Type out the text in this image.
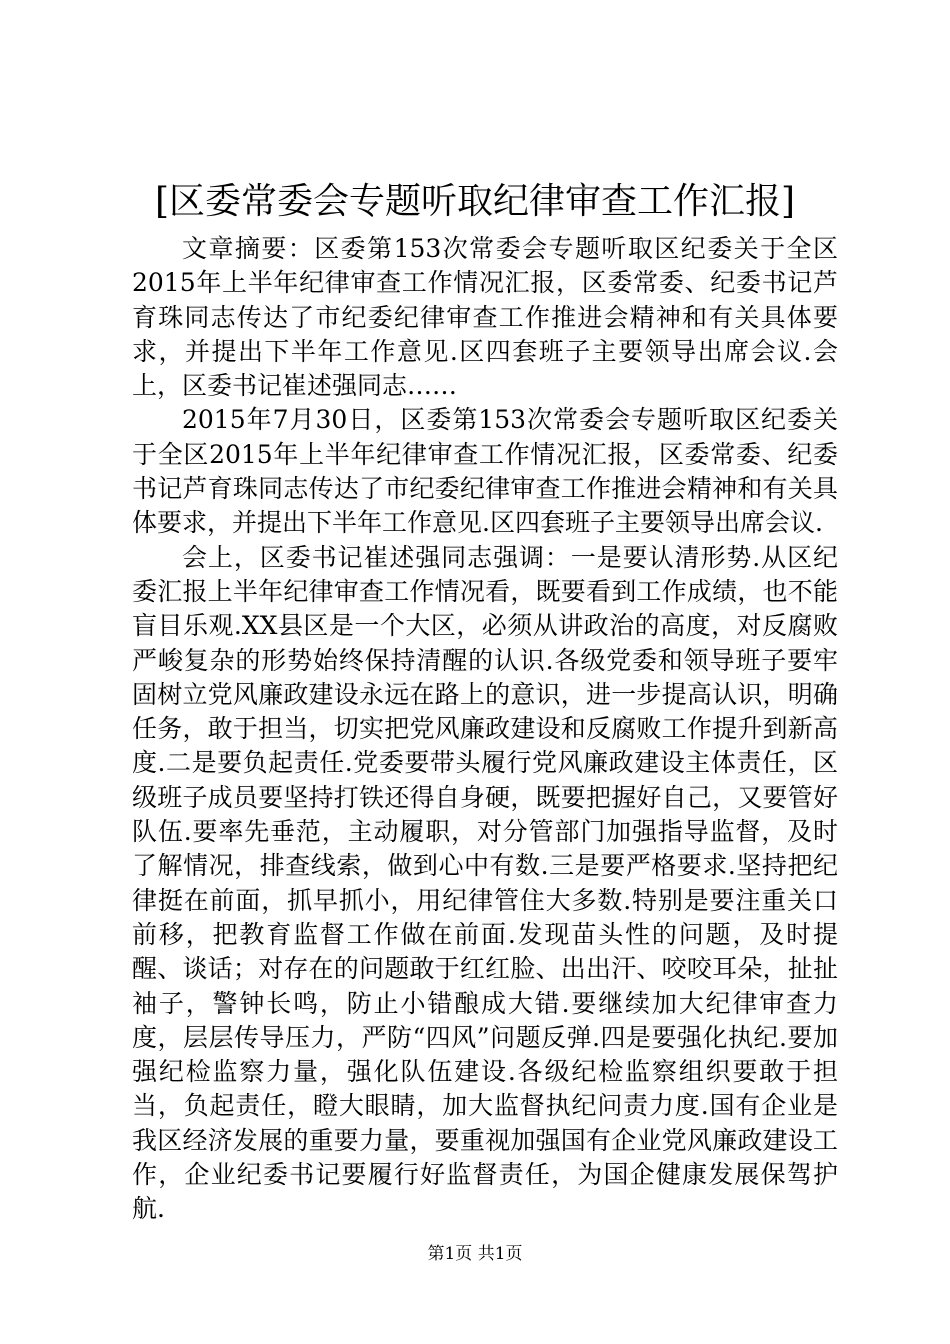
[区委常委会专题听取纪律审查工作汇报]

文章摘要：区委第153次常委会专题听取区纪委关于全区2015年上半年纪律审查工作情况汇报，区委常委、纪委书记芦育珠同志传达了市纪委纪律审查工作推进会精神和有关具体要求，并提出下半年工作意见.区四套班子主要领导出席会议.会上，区委书记崔述强同志……

2015年7月30日，区委第153次常委会专题听取区纪委关于全区2015年上半年纪律审查工作情况汇报，区委常委、纪委书记芦育珠同志传达了市纪委纪律审查工作推进会精神和有关具体要求，并提出下半年工作意见.区四套班子主要领导出席会议.

会上，区委书记崔述强同志强调：一是要认清形势.从区纪委汇报上半年纪律审查工作情况看，既要看到工作成绩，也不能盲目乐观.XX县区是一个大区，必须从讲政治的高度，对反腐败严峻复杂的形势始终保持清醒的认识.各级党委和领导班子要牢固树立党风廉政建设永远在路上的意识，进一步提高认识，明确任务，敢于担当，切实把党风廉政建设和反腐败工作提升到新高度.二是要负起责任.党委要带头履行党风廉政建设主体责任，区级班子成员要坚持打铁还得自身硬，既要把握好自己，又要管好队伍.要率先垂范，主动履职，对分管部门加强指导监督，及时了解情况，排查线索，做到心中有数.三是要严格要求.坚持把纪律挺在前面，抓早抓小，用纪律管住大多数.特别是要注重关口前移，把教育监督工作做在前面.发现苗头性的问题，及时提醒、谈话；对存在的问题敢于红红脸、出出汗、咬咬耳朵，扯扯袖子，警钟长鸣，防止小错酿成大错.要继续加大纪律审查力度，层层传导压力，严防“四风”问题反弹.四是要强化执纪.要加强纪检监察力量，强化队伍建设.各级纪检监察组织要敢于担当，负起责任，瞪大眼睛，加大监督执纪问责力度.国有企业是我区经济发展的重要力量，要重视加强国有企业党风廉政建设工作，企业纪委书记要履行好监督责任，为国企健康发展保驾护航.

第1页 共1页
